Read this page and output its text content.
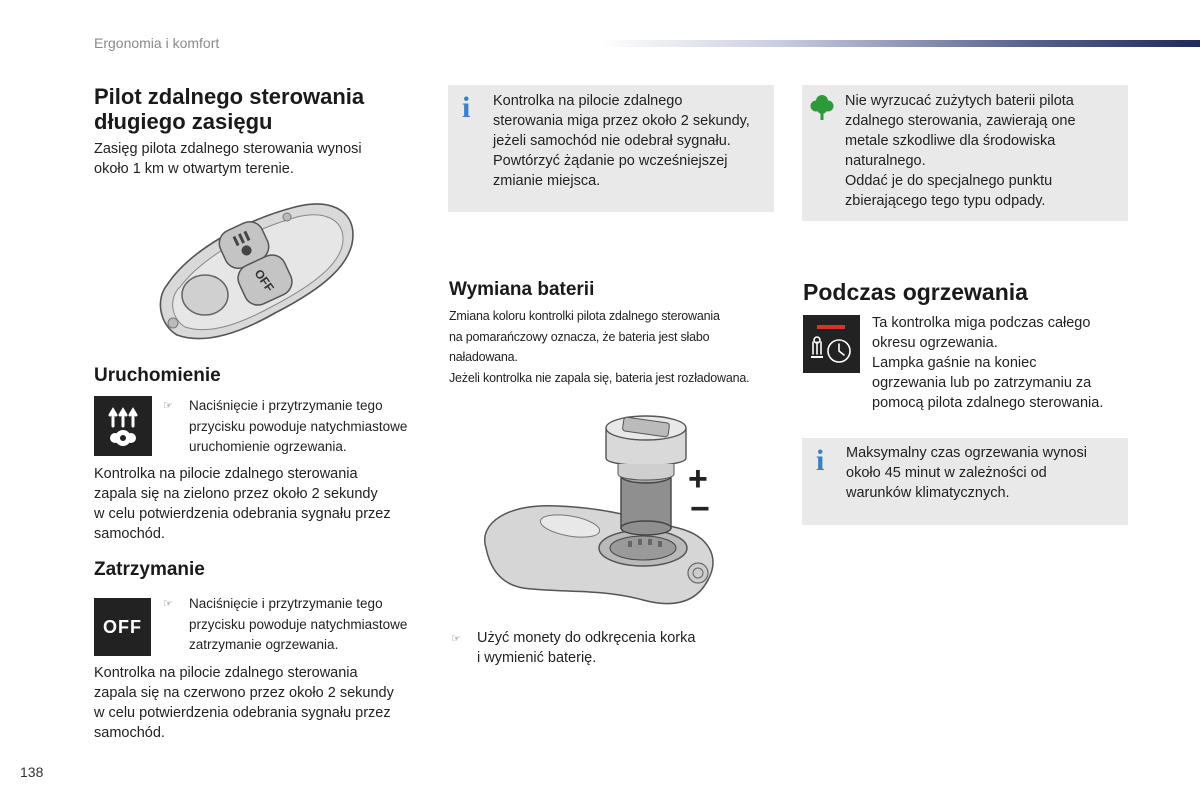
Ergonomia i komfort
Pilot zdalnego sterowania
długiego zasięgu
Zasięg pilota zdalnego sterowania wynosi
około 1 km w otwartym terenie.
OFF
Uruchomienie
☞ Naciśnięcie i przytrzymanie tego
przycisku powoduje natychmiastowe
uruchomienie ogrzewania.
Kontrolka na pilocie zdalnego sterowania
zapala się na zielono przez około 2 sekundy
w celu potwierdzenia odebrania sygnału przez
samochód.
Zatrzymanie
OFF
☞ Naciśnięcie i przytrzymanie tego
przycisku powoduje natychmiastowe
zatrzymanie ogrzewania.
Kontrolka na pilocie zdalnego sterowania
zapala się na czerwono przez około 2 sekundy
w celu potwierdzenia odebrania sygnału przez
samochód.
i Kontrolka na pilocie zdalnego
sterowania miga przez około 2 sekundy,
jeżeli samochód nie odebrał sygnału.
Powtórzyć żądanie po wcześniejszej
zmianie miejsca.
Wymiana baterii
Zmiana koloru kontrolki pilota zdalnego sterowania
na pomarańczowy oznacza, że bateria jest słabo
naładowana.
Jeżeli kontrolka nie zapala się, bateria jest rozładowana.
+
−
☞ Użyć monety do odkręcenia korka
i wymienić baterię.
Nie wyrzucać zużytych baterii pilota
zdalnego sterowania, zawierają one
metale szkodliwe dla środowiska
naturalnego.
Oddać je do specjalnego punktu
zbierającego tego typu odpady.
Podczas ogrzewania
Ta kontrolka miga podczas całego
okresu ogrzewania.
Lampka gaśnie na koniec
ogrzewania lub po zatrzymaniu za
pomocą pilota zdalnego sterowania.
i Maksymalny czas ogrzewania wynosi
około 45 minut w zależności od
warunków klimatycznych.
138
